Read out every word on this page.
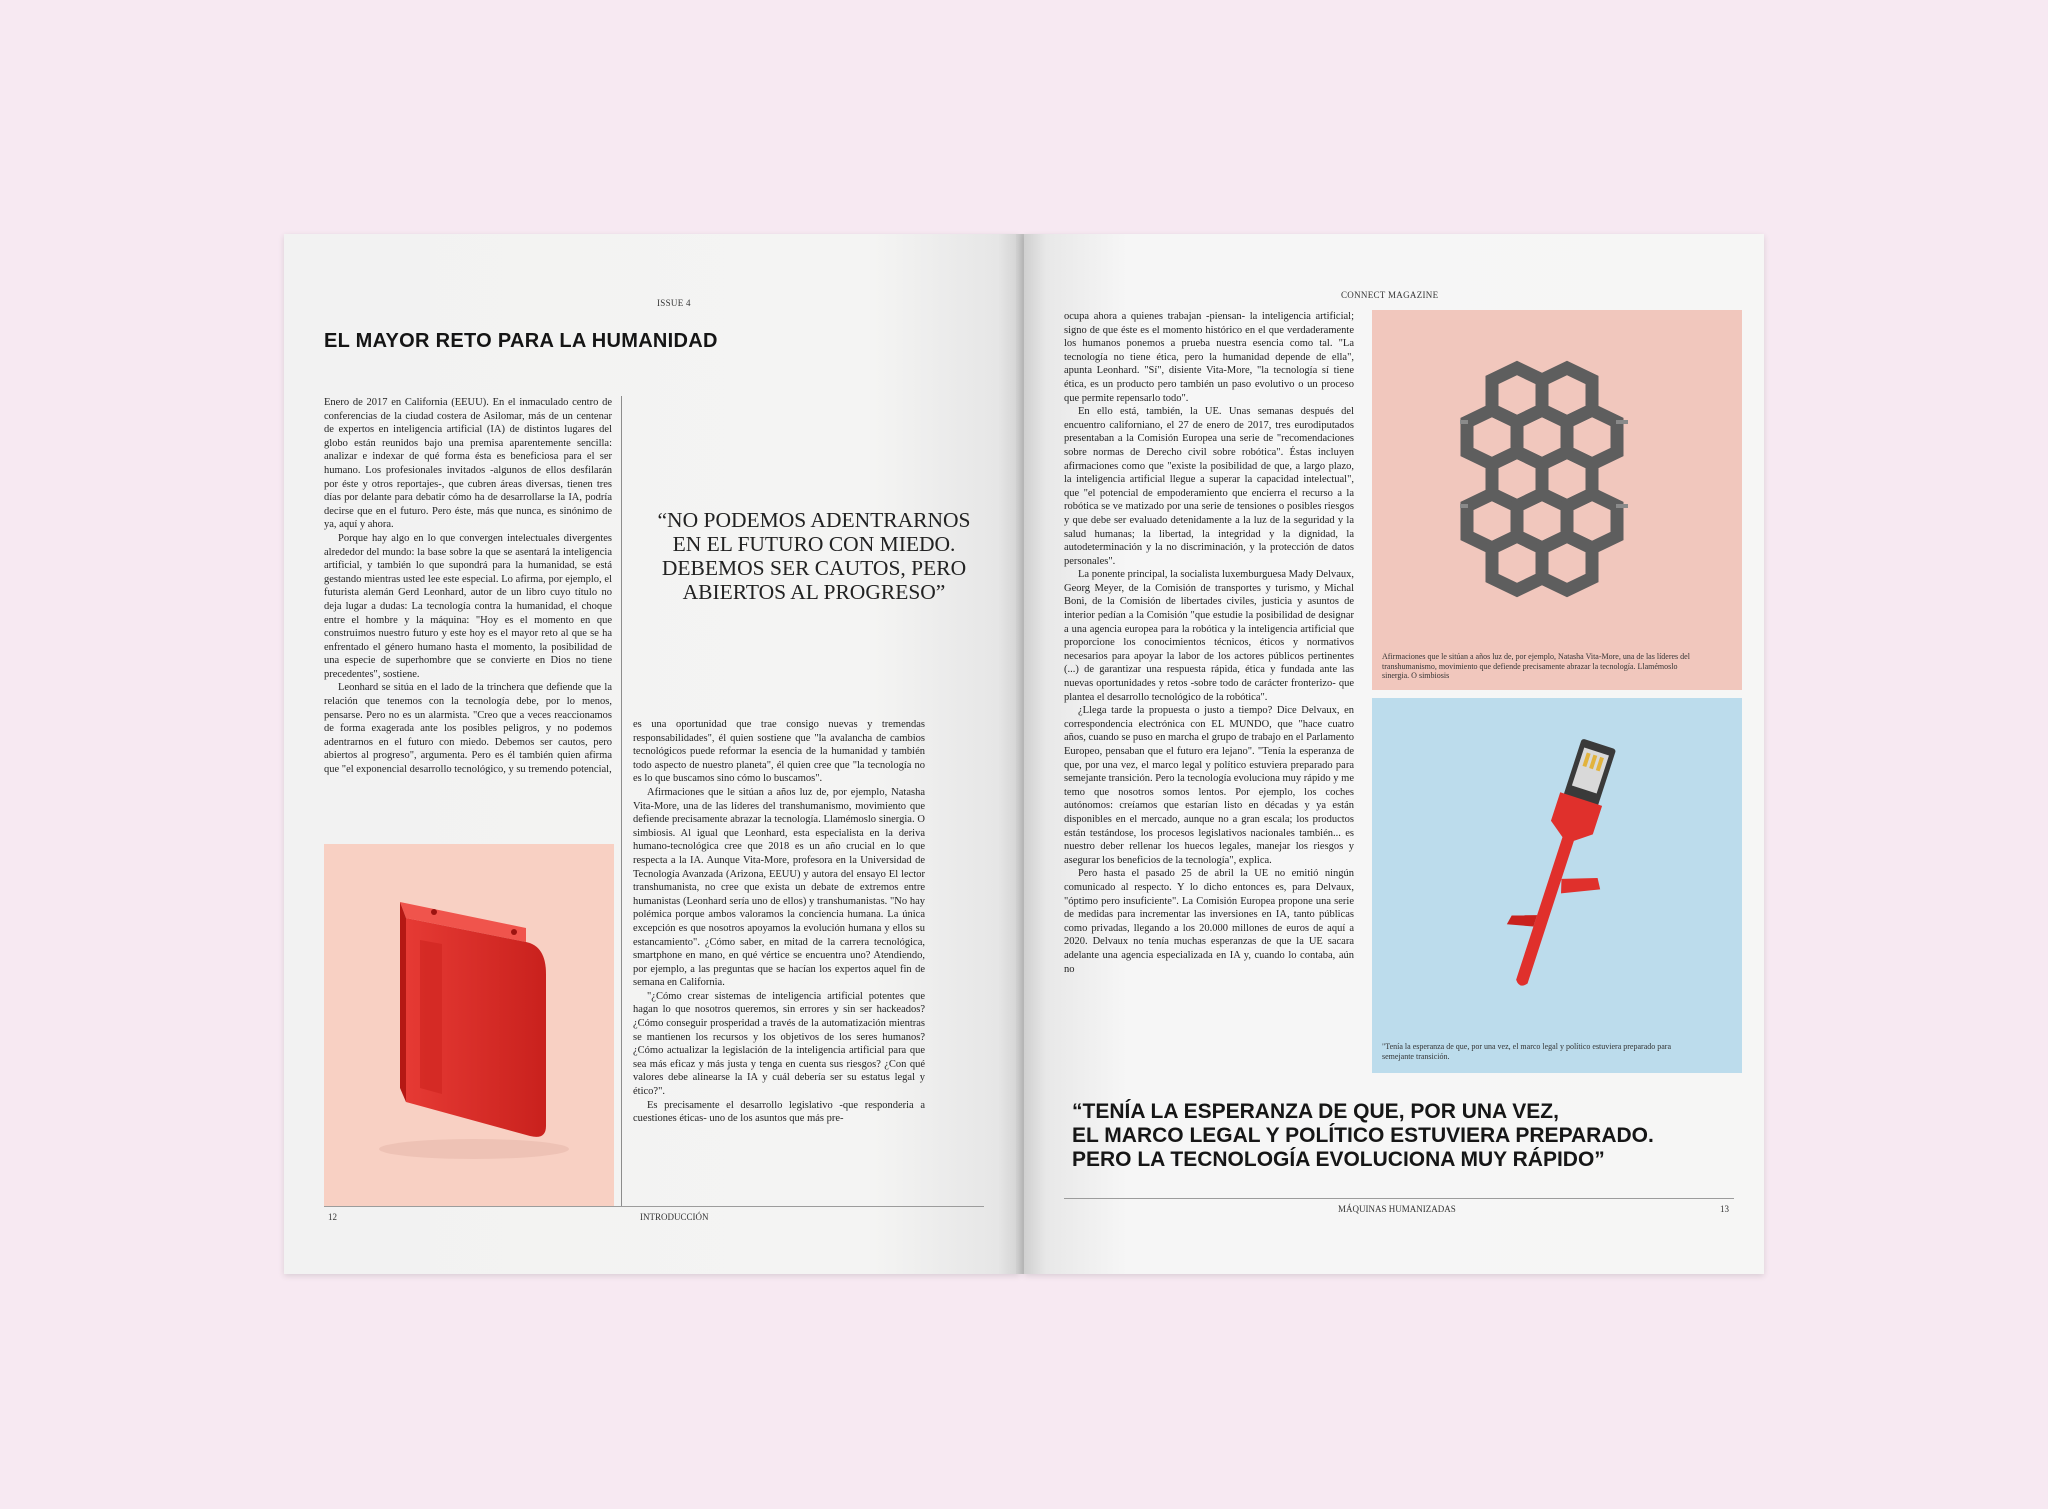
ISSUE 4
EL MAYOR RETO PARA LA HUMANIDAD

Enero de 2017 en California (EEUU). En el inmaculado centro de conferencias de la ciudad costera de Asilomar, más de un centenar de expertos en inteligencia artificial (IA) de distintos lugares del globo están reunidos bajo una premisa aparentemente sencilla: analizar e indexar de qué forma ésta es beneficiosa para el ser humano. Los profesionales invitados -algunos de ellos desfilarán por éste y otros reportajes-, que cubren áreas diversas, tienen tres días por delante para debatir cómo ha de desarrollarse la IA, podría decirse que en el futuro. Pero éste, más que nunca, es sinónimo de ya, aquí y ahora.

Porque hay algo en lo que convergen intelectuales divergentes alrededor del mundo: la base sobre la que se asentará la inteligencia artificial, y también lo que supondrá para la humanidad, se está gestando mientras usted lee este especial. Lo afirma, por ejemplo, el futurista alemán Gerd Leonhard, autor de un libro cuyo título no deja lugar a dudas: La tecnología contra la humanidad, el choque entre el hombre y la máquina: "Hoy es el momento en que construimos nuestro futuro y este hoy es el mayor reto al que se ha enfrentado el género humano hasta el momento, la posibilidad de una especie de superhombre que se convierte en Dios no tiene precedentes", sostiene.

Leonhard se sitúa en el lado de la trinchera que defiende que la relación que tenemos con la tecnología debe, por lo menos, pensarse. Pero no es un alarmista. "Creo que a veces reaccionamos de forma exagerada ante los posibles peligros, y no podemos adentrarnos en el futuro con miedo. Debemos ser cautos, pero abiertos al progreso", argumenta. Pero es él también quien afirma que "el exponencial desarrollo tecnológico, y su tremendo potencial,

“NO PODEMOS ADENTRARNOS EN EL FUTURO CON MIEDO. DEBEMOS SER CAUTOS, PERO ABIERTOS AL PROGRESO”

es una oportunidad que trae consigo nuevas y tremendas responsabilidades", él quien sostiene que "la avalancha de cambios tecnológicos puede reformar la esencia de la humanidad y también todo aspecto de nuestro planeta", él quien cree que "la tecnología no es lo que buscamos sino cómo lo buscamos".

Afirmaciones que le sitúan a años luz de, por ejemplo, Natasha Vita-More, una de las líderes del transhumanismo, movimiento que defiende precisamente abrazar la tecnología. Llamémoslo sinergia. O simbiosis. Al igual que Leonhard, esta especialista en la deriva humano-tecnológica cree que 2018 es un año crucial en lo que respecta a la IA. Aunque Vita-More, profesora en la Universidad de Tecnología Avanzada (Arizona, EEUU) y autora del ensayo El lector transhumanista, no cree que exista un debate de extremos entre humanistas (Leonhard sería uno de ellos) y transhumanistas. "No hay polémica porque ambos valoramos la conciencia humana. La única excepción es que nosotros apoyamos la evolución humana y ellos su estancamiento". ¿Cómo saber, en mitad de la carrera tecnológica, smartphone en mano, en qué vértice se encuentra uno? Atendiendo, por ejemplo, a las preguntas que se hacían los expertos aquel fin de semana en California.

"¿Cómo crear sistemas de inteligencia artificial potentes que hagan lo que nosotros queremos, sin errores y sin ser hackeados? ¿Cómo conseguir prosperidad a través de la automatización mientras se mantienen los recursos y los objetivos de los seres humanos? ¿Cómo actualizar la legislación de la inteligencia artificial para que sea más eficaz y más justa y tenga en cuenta sus riesgos? ¿Con qué valores debe alinearse la IA y cuál debería ser su estatus legal y ético?".

Es precisamente el desarrollo legislativo -que responderia a cuestiones éticas- uno de los asuntos que más pre-

12	INTRODUCCIÓN
CONNECT MAGAZINE

ocupa ahora a quienes trabajan -piensan- la inteligencia artificial; signo de que éste es el momento histórico en el que verdaderamente los humanos ponemos a prueba nuestra esencia como tal. "La tecnología no tiene ética, pero la humanidad depende de ella", apunta Leonhard. "Sí", disiente Vita-More, "la tecnología sí tiene ética, es un producto pero también un paso evolutivo o un proceso que permite repensarlo todo".

En ello está, también, la UE. Unas semanas después del encuentro californiano, el 27 de enero de 2017, tres eurodiputados presentaban a la Comisión Europea una serie de "recomendaciones sobre normas de Derecho civil sobre robótica". Éstas incluyen afirmaciones como que "existe la posibilidad de que, a largo plazo, la inteligencia artificial llegue a superar la capacidad intelectual", que "el potencial de empoderamiento que encierra el recurso a la robótica se ve matizado por una serie de tensiones o posibles riesgos y que debe ser evaluado detenidamente a la luz de la seguridad y la salud humanas; la libertad, la integridad y la dignidad, la autodeterminación y la no discriminación, y la protección de datos personales".

La ponente principal, la socialista luxemburguesa Mady Delvaux, Georg Meyer, de la Comisión de transportes y turismo, y Michal Boni, de la Comisión de libertades civiles, justicia y asuntos de interior pedían a la Comisión "que estudie la posibilidad de designar a una agencia europea para la robótica y la inteligencia artificial que proporcione los conocimientos técnicos, éticos y normativos necesarios para apoyar la labor de los actores públicos pertinentes (...) de garantizar una respuesta rápida, ética y fundada ante las nuevas oportunidades y retos -sobre todo de carácter fronterizo- que plantea el desarrollo tecnológico de la robótica".

¿Llega tarde la propuesta o justo a tiempo? Dice Delvaux, en correspondencia electrónica con EL MUNDO, que "hace cuatro años, cuando se puso en marcha el grupo de trabajo en el Parlamento Europeo, pensaban que el futuro era lejano". "Tenía la esperanza de que, por una vez, el marco legal y político estuviera preparado para semejante transición. Pero la tecnología evoluciona muy rápido y me temo que nosotros somos lentos. Por ejemplo, los coches autónomos: creíamos que estarían listo en décadas y ya están disponibles en el mercado, aunque no a gran escala; los productos están testándose, los procesos legislativos nacionales también... es nuestro deber rellenar los huecos legales, manejar los riesgos y asegurar los beneficios de la tecnología", explica.

Pero hasta el pasado 25 de abril la UE no emitió ningún comunicado al respecto. Y lo dicho entonces es, para Delvaux, "óptimo pero insuficiente". La Comisión Europea propone una serie de medidas para incrementar las inversiones en IA, tanto públicas como privadas, llegando a los 20.000 millones de euros de aquí a 2020. Delvaux no tenía muchas esperanzas de que la UE sacara adelante una agencia especializada en IA y, cuando lo contaba, aún no

Afirmaciones que le sitúan a años luz de, por ejemplo, Natasha Vita-More, una de las líderes del transhumanismo, movimiento que defiende precisamente abrazar la tecnología. Llamémoslo sinergia. O simbiosis
"Tenía la esperanza de que, por una vez, el marco legal y político estuviera preparado para semejante transición.
“TENÍA LA ESPERANZA DE QUE, POR UNA VEZ,
EL MARCO LEGAL Y POLÍTICO ESTUVIERA PREPARADO.
PERO LA TECNOLOGÍA EVOLUCIONA MUY RÁPIDO”
MÁQUINAS HUMANIZADAS	13
